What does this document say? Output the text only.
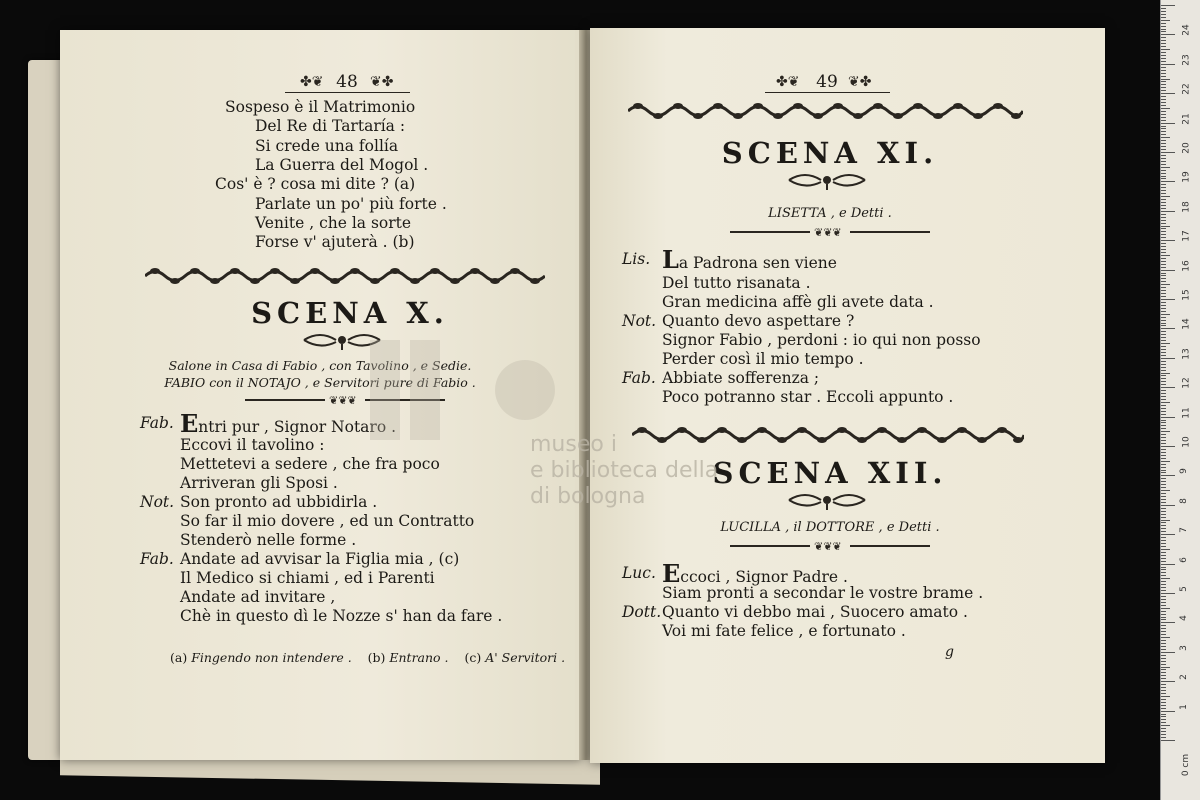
✤❦	❦✤
48
Sospeso è il Matrimonio
Del Re di Tartaría :
Si crede una follía
La Guerra del Mogol .
Cos' è ? cosa mi dite ? (a)
Parlate un po' più forte .
Venite , che la sorte
Forse v' ajuterà . (b)
SCENA X.
Salone in Casa di Fabio , con Tavolino , e Sedie.
FABIO con il NOTAJO , e Servitori pure di Fabio .
❦❦❦
Fab. Entri pur , Signor Notaro .
Eccovi il tavolino :
Mettetevi a sedere , che fra poco
Arriveran gli Sposi .
Not. Son pronto ad ubbidirla .
So far il mio dovere , ed un Contratto
Stenderò nelle forme .
Fab. Andate ad avvisar la Figlia mia , (c)
Il Medico si chiami , ed i Parenti
Andate ad invitare ,
Chè in questo dì le Nozze s' han da fare .
(a) Fingendo non intendere . (b) Entrano . (c) A' Servitori .
✤❦	❦✤
49
SCENA XI.
LISETTA , e Detti .
❦❦❦
Lis. La Padrona sen viene
Del tutto risanata .
Gran medicina affè gli avete data .
Not. Quanto devo aspettare ?
Signor Fabio , perdoni : io qui non posso
Perder così il mio tempo .
Fab. Abbiate sofferenza ;
Poco potranno star . Eccoli appunto .
SCENA XII.
LUCILLA , il DOTTORE , e Detti .
❦❦❦
Luc. Eccoci , Signor Padre .
Siam pronti a secondar le vostre brame .
Dott. Quanto vi debbo mai , Suocero amato .
Voi mi fate felice , e fortunato .
g
museo i
e biblioteca della
di bologna
0 cm
1
2
3
4
5
6
7
8
9
10
11
12
13
14
15
16
17
18
19
20
21
22
23
24
